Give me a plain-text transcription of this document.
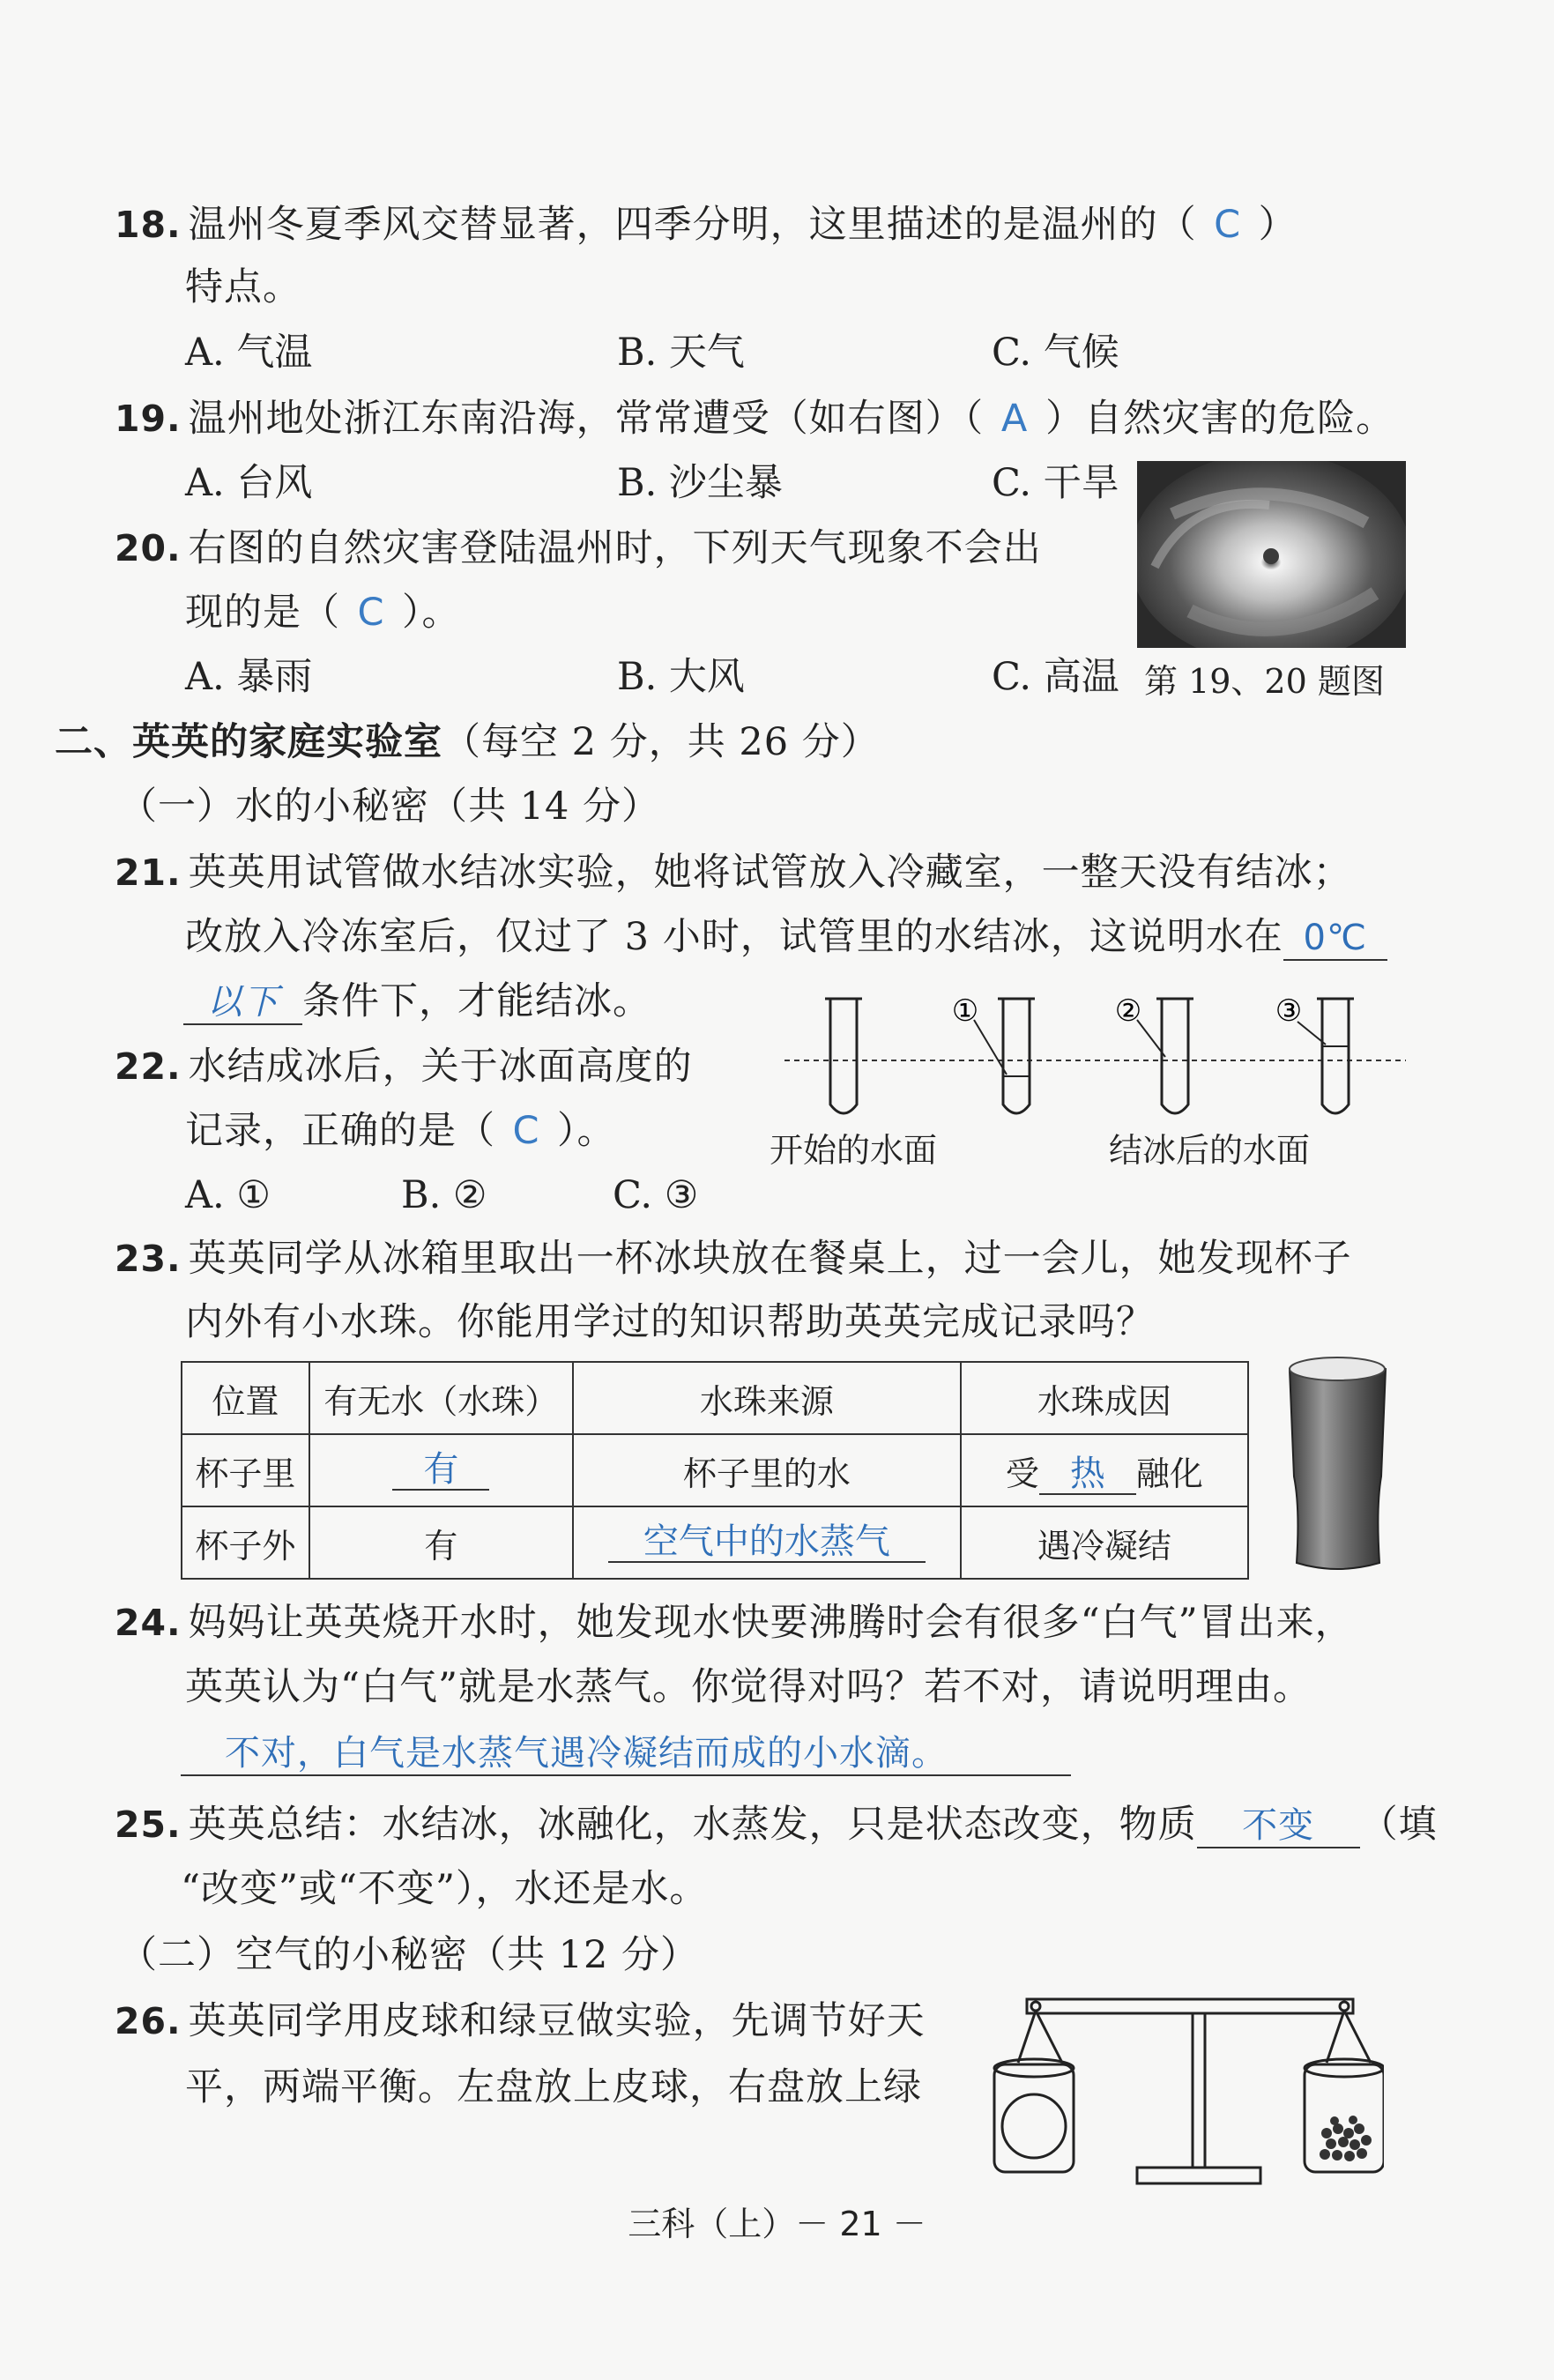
18. 温州冬夏季风交替显著，四季分明，这里描述的是温州的（ C ）
特点。
A. 气温	B. 天气	C. 气候
19. 温州地处浙江东南沿海，常常遭受（如右图）（ A ）自然灾害的危险。
A. 台风	B. 沙尘暴	C. 干旱
20. 右图的自然灾害登陆温州时，下列天气现象不会出
现的是（ C ）。
A. 暴雨	B. 大风	C. 高温 第 19、20 题图
二、英英的家庭实验室（每空 2 分，共 26 分）
（一）水的小秘密（共 14 分）
21. 英英用试管做水结冰实验，她将试管放入冷藏室，一整天没有结冰；
改放入冷冻室后，仅过了 3 小时，试管里的水结冰，这说明水在 0℃
以下 条件下，才能结冰。
22. 水结成冰后，关于冰面高度的
记录，正确的是（ C ）。
A. ①	B. ②	C. ③
①	②	③
开始的水面	结冰后的水面
23. 英英同学从冰箱里取出一杯冰块放在餐桌上，过一会儿，她发现杯子
内外有小水珠。你能用学过的知识帮助英英完成记录吗？
位置	有无水（水珠）	水珠来源	水珠成因
杯子里	有	杯子里的水	受 热 融化
杯子外	有	空气中的水蒸气	遇冷凝结
24. 妈妈让英英烧开水时，她发现水快要沸腾时会有很多“白气”冒出来，
英英认为“白气”就是水蒸气。你觉得对吗？若不对，请说明理由。
不对，白气是水蒸气遇冷凝结而成的小水滴。
25. 英英总结：水结冰，冰融化，水蒸发，只是状态改变，物质 不变 （填
“改变”或“不变”），水还是水。
（二）空气的小秘密（共 12 分）
26. 英英同学用皮球和绿豆做实验，先调节好天
平，两端平衡。左盘放上皮球，右盘放上绿
三科（上）－ 21 －
